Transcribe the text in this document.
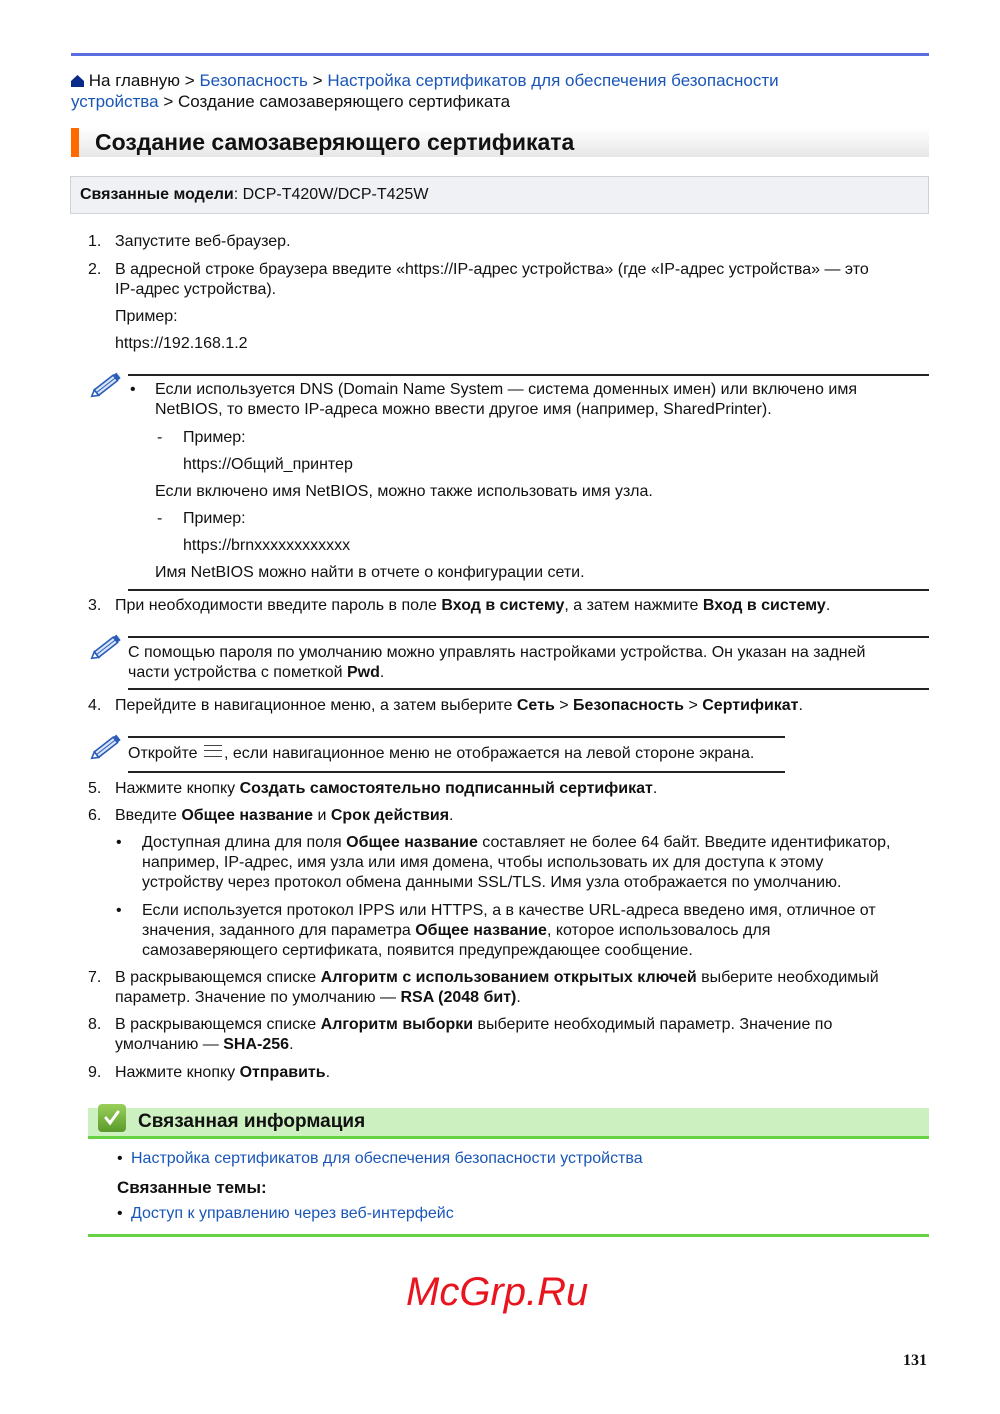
На главную > Безопасность > Настройка сертификатов для обеспечения безопасности
устройства > Создание самозаверяющего сертификата
Создание самозаверяющего сертификата
Связанные модели: DCP-T420W/DCP-T425W
1. Запустите веб-браузер.
2. В адресной строке браузера введите «https://IP-адрес устройства» (где «IP-адрес устройства» — это
IP-адрес устройства).
Пример:
https://192.168.1.2
• Если используется DNS (Domain Name System — система доменных имен) или включено имя
NetBIOS, то вместо IP-адреса можно ввести другое имя (например, SharedPrinter).
- Пример:
https://Общий_принтер
Если включено имя NetBIOS, можно также использовать имя узла.
- Пример:
https://brnxxxxxxxxxxxx
Имя NetBIOS можно найти в отчете о конфигурации сети.
3. При необходимости введите пароль в поле Вход в систему, а затем нажмите Вход в систему.
С помощью пароля по умолчанию можно управлять настройками устройства. Он указан на задней
части устройства с пометкой Pwd.
4. Перейдите в навигационное меню, а затем выберите Сеть > Безопасность > Сертификат.
Откройте
, если навигационное меню не отображается на левой стороне экрана.
5. Нажмите кнопку Создать самостоятельно подписанный сертификат.
6. Введите Общее название и Срок действия.
• Доступная длина для поля Общее название составляет не более 64 байт. Введите идентификатор,
например, IP-адрес, имя узла или имя домена, чтобы использовать их для доступа к этому
устройству через протокол обмена данными SSL/TLS. Имя узла отображается по умолчанию.
• Если используется протокол IPPS или HTTPS, а в качестве URL-адреса введено имя, отличное от
значения, заданного для параметра Общее название, которое использовалось для
самозаверяющего сертификата, появится предупреждающее сообщение.
7. В раскрывающемся списке Алгоритм с использованием открытых ключей выберите необходимый
параметр. Значение по умолчанию — RSA (2048 бит).
8. В раскрывающемся списке Алгоритм выборки выберите необходимый параметр. Значение по
умолчанию — SHA-256.
9. Нажмите кнопку Отправить.
Связанная информация
• Настройка сертификатов для обеспечения безопасности устройства
Связанные темы:
• Доступ к управлению через веб-интерфейс
McGrp.Ru
131
